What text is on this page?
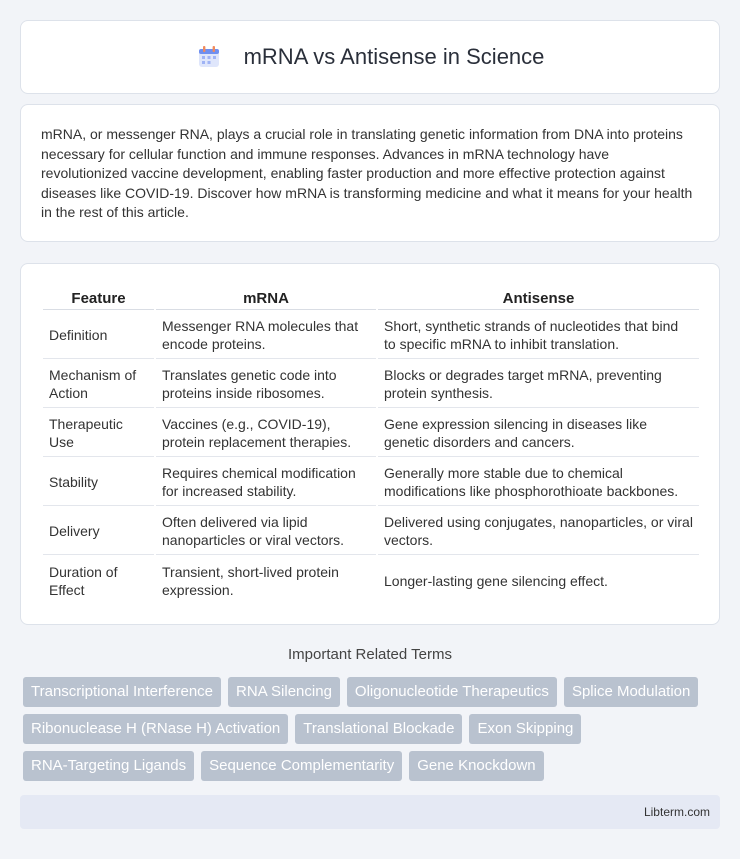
mRNA vs Antisense in Science

mRNA, or messenger RNA, plays a crucial role in translating genetic information from DNA into proteins necessary for cellular function and immune responses. Advances in mRNA technology have revolutionized vaccine development, enabling faster production and more effective protection against diseases like COVID-19. Discover how mRNA is transforming medicine and what it means for your health in the rest of this article.

Feature	mRNA	Antisense
Definition	Messenger RNA molecules that encode proteins.	Short, synthetic strands of nucleotides that bind to specific mRNA to inhibit translation.
Mechanism of Action	Translates genetic code into proteins inside ribosomes.	Blocks or degrades target mRNA, preventing protein synthesis.
Therapeutic Use	Vaccines (e.g., COVID-19), protein replacement therapies.	Gene expression silencing in diseases like genetic disorders and cancers.
Stability	Requires chemical modification for increased stability.	Generally more stable due to chemical modifications like phosphorothioate backbones.
Delivery	Often delivered via lipid nanoparticles or viral vectors.	Delivered using conjugates, nanoparticles, or viral vectors.
Duration of Effect	Transient, short-lived protein expression.	Longer-lasting gene silencing effect.
Important Related Terms
Transcriptional Interference	RNA Silencing	Oligonucleotide Therapeutics	Splice Modulation
Ribonuclease H (RNase H) Activation	Translational Blockade	Exon Skipping
RNA-Targeting Ligands	Sequence Complementarity	Gene Knockdown
Libterm.com
